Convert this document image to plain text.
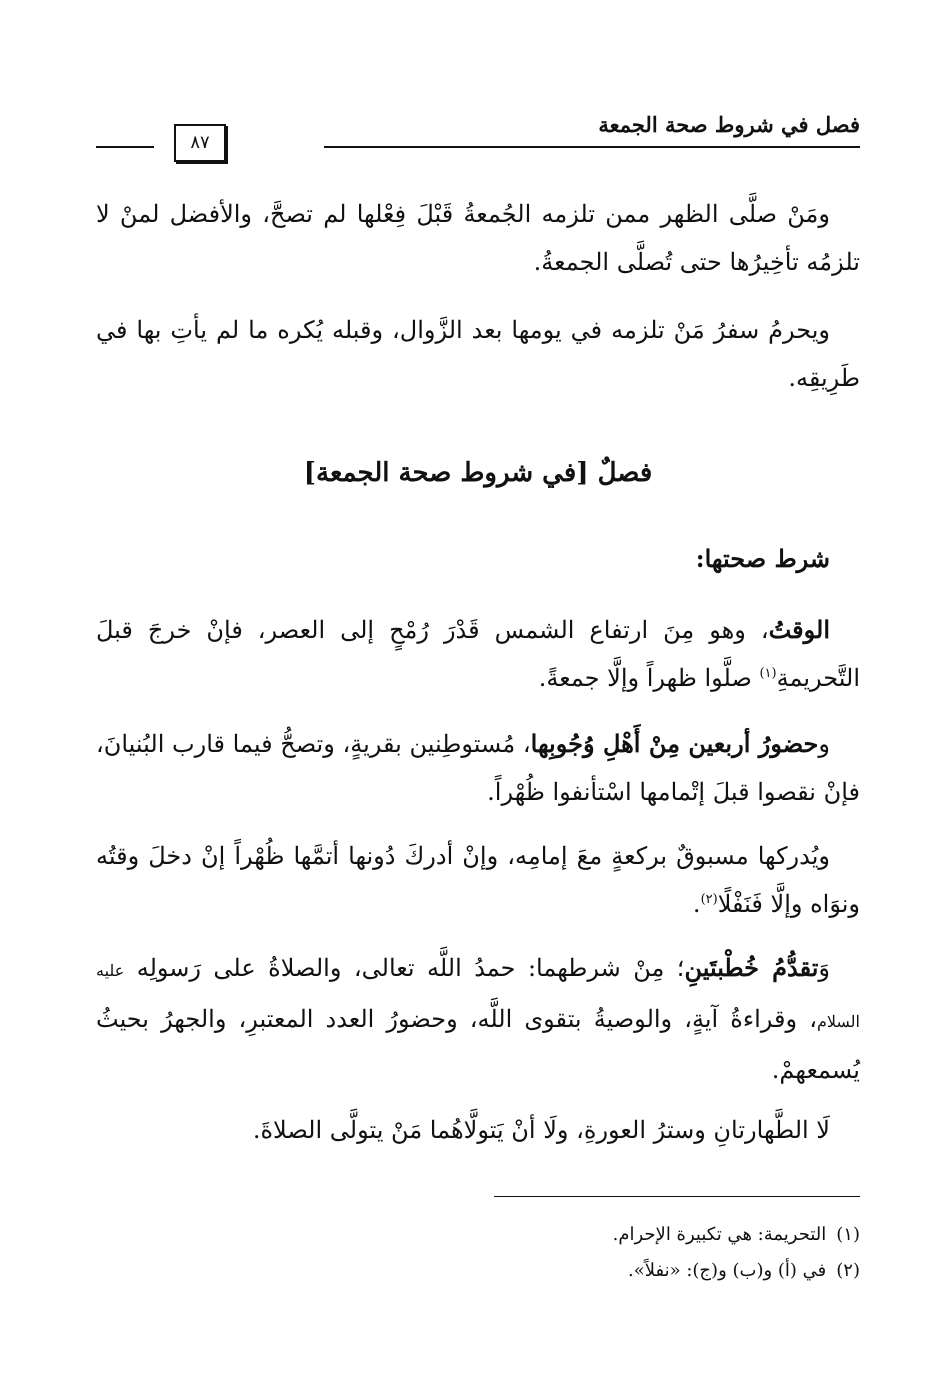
فصل في شروط صحة الجمعة
٨٧

ومَنْ صلَّى الظهر ممن تلزمه الجُمعةُ قَبْلَ فِعْلها لم تصحَّ، والأفضل لمنْ لا تلزمُه تأخِيرُها حتى تُصلَّى الجمعةُ.

ويحرمُ سفرُ مَنْ تلزمه في يومها بعد الزَّوال، وقبله يُكره ما لم يأتِ بها في طَرِيقِه.

فصلٌ [في شروط صحة الجمعة]
شرط صحتها:

الوقتُ، وهو مِنَ ارتفاع الشمس قَدْرَ رُمْحٍ إلى العصر، فإنْ خرجَ قبلَ التَّحريمةِ$^{(١)}$ صلَّوا ظهراً وإلَّا جمعةً.

وحضورُ أربعين مِنْ أَهْلِ وُجُوبِها، مُستوطِنين بقريةٍ، وتصحُّ فيما قارب البُنيانَ، فإنْ نقصوا قبلَ إتْمامها اسْتأنفوا ظُهْراً.

ويُدركها مسبوقٌ بركعةٍ معَ إمامِه، وإنْ أدركَ دُونها أتمَّها ظُهْراً إنْ دخلَ وقتُه ونوَاه وإلَّا فَنَفْلًا$^{(٢)}$.

وَتقدُّمُ خُطْبتَينِ؛ مِنْ شرطهما: حمدُ اللَّه تعالى، والصلاةُ على رَسولِه عليه السلام، وقراءةُ آيةٍ، والوصيةُ بتقوى اللَّه، وحضورُ العدد المعتبرِ، والجهرُ بحيثُ يُسمعهمْ.

لَا الطَّهارتانِ وسترُ العورةِ، ولَا أنْ يَتولَّاهُما مَنْ يتولَّى الصلاةَ.

(١)التحريمة: هي تكبيرة الإحرام.

(٢)في (أ) و(ب) و(ج): «نفلاً».
